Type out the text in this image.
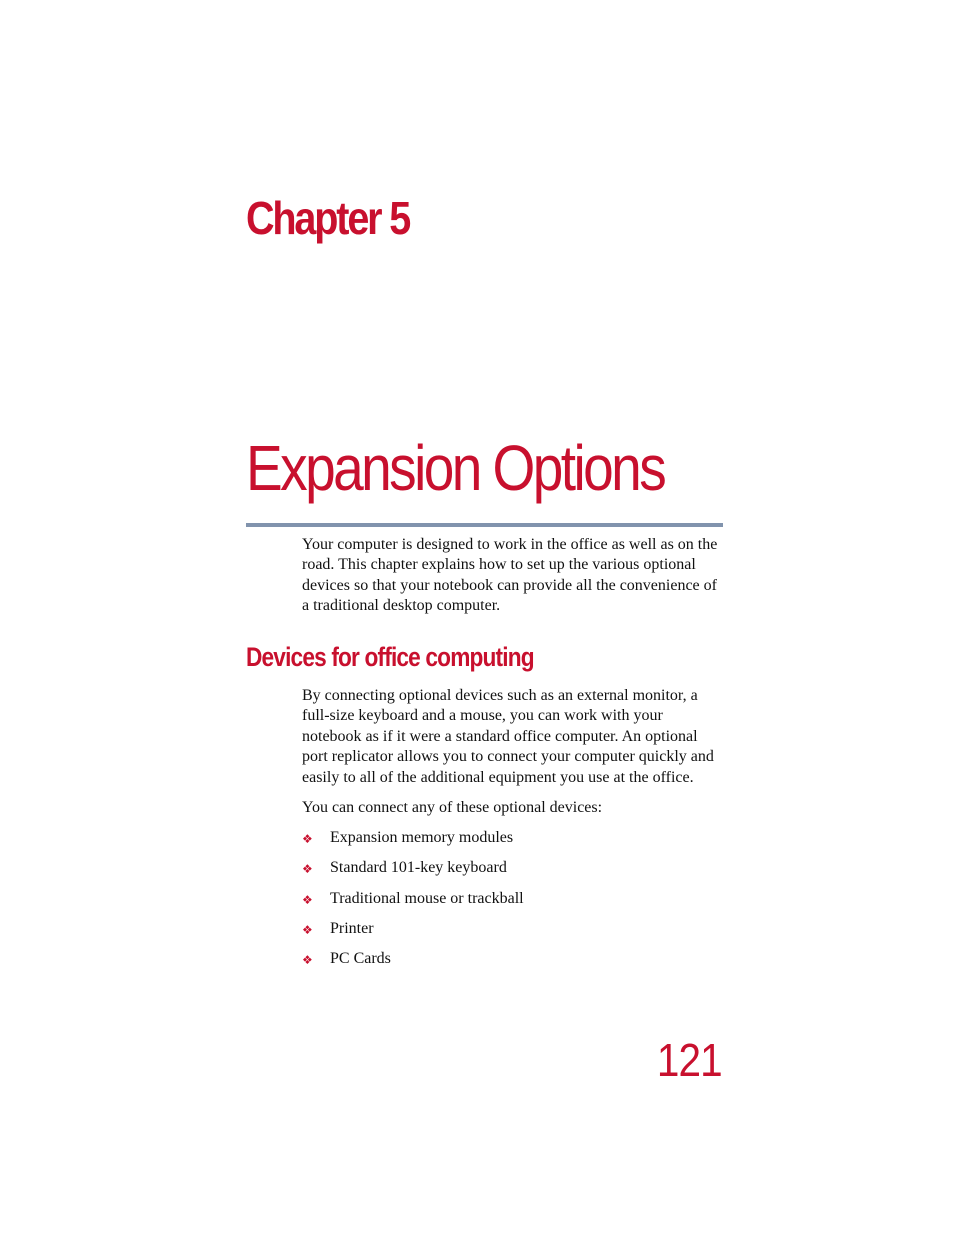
Chapter 5
Expansion Options

Your computer is designed to work in the office as well as on the road. This chapter explains how to set up the various optional devices so that your notebook can provide all the convenience of a traditional desktop computer.

Devices for office computing

By connecting optional devices such as an external monitor, a full-size keyboard and a mouse, you can work with your notebook as if it were a standard office computer. An optional port replicator allows you to connect your computer quickly and easily to all of the additional equipment you use at the office.

You can connect any of these optional devices:

❖ Expansion memory modules
❖ Standard 101-key keyboard
❖ Traditional mouse or trackball
❖ Printer
❖ PC Cards

121
